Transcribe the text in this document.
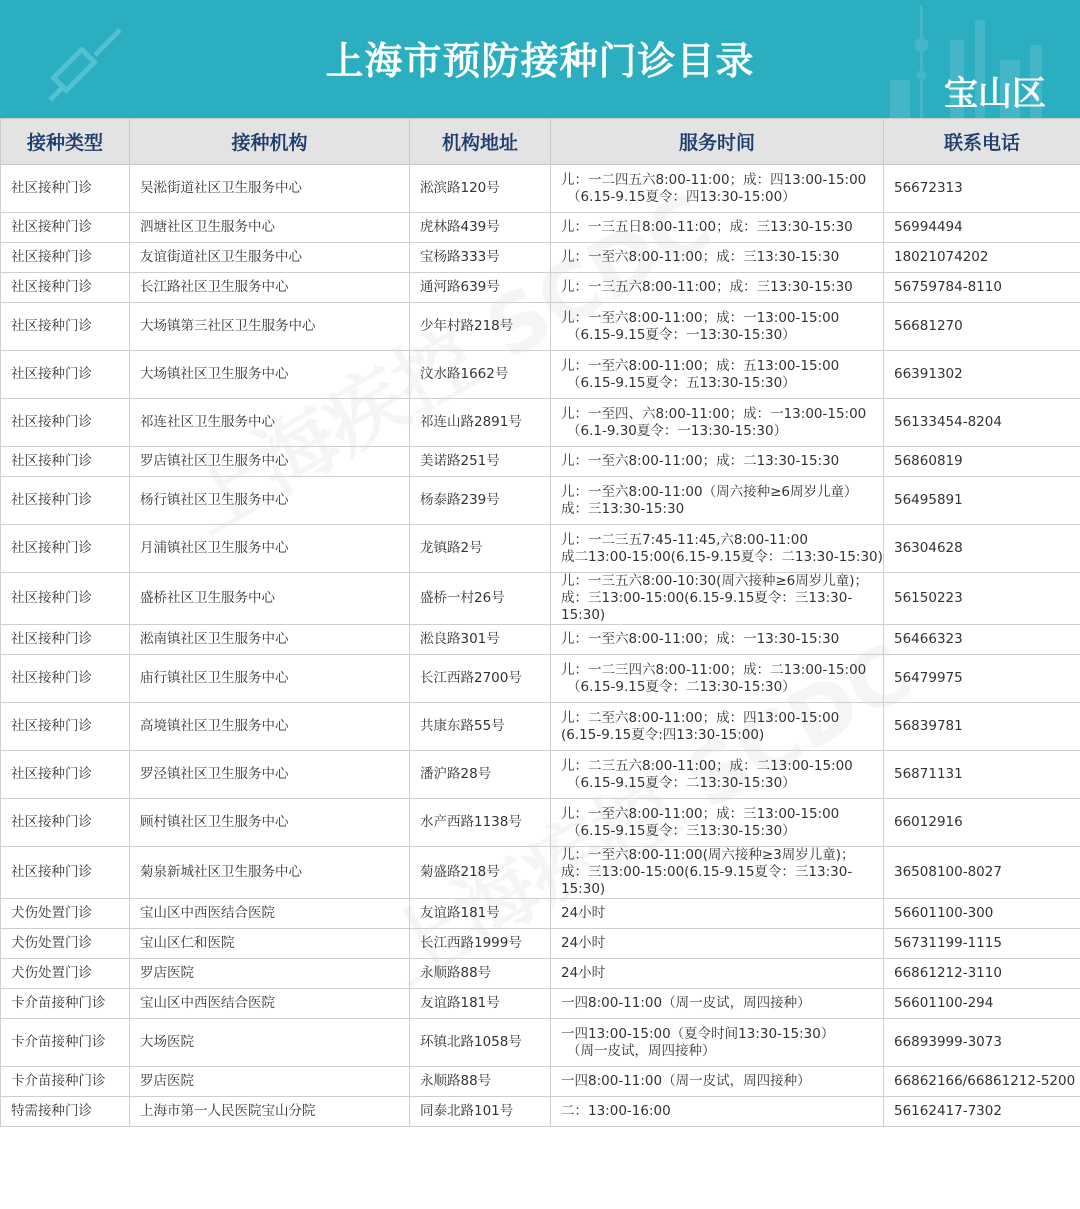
上海市预防接种门诊目录
宝山区
接种类型	接种机构	机构地址	服务时间	联系电话
社区接种门诊	吴淞街道社区卫生服务中心	淞滨路120号	儿：一二四五六8:00-11:00；成：四13:00-15:00
（6.15-9.15夏令：四13:30-15:00）	56672313
社区接种门诊	泗塘社区卫生服务中心	虎林路439号	儿：一三五日8:00-11:00；成：三13:30-15:30	56994494
社区接种门诊	友谊街道社区卫生服务中心	宝杨路333号	儿：一至六8:00-11:00；成：三13:30-15:30	18021074202
社区接种门诊	长江路社区卫生服务中心	通河路639号	儿：一三五六8:00-11:00；成：三13:30-15:30	56759784-8110
社区接种门诊	大场镇第三社区卫生服务中心	少年村路218号	儿：一至六8:00-11:00；成：一13:00-15:00
（6.15-9.15夏令：一13:30-15:30）	56681270
社区接种门诊	大场镇社区卫生服务中心	汶水路1662号	儿：一至六8:00-11:00；成：五13:00-15:00
（6.15-9.15夏令：五13:30-15:30）	66391302
社区接种门诊	祁连社区卫生服务中心	祁连山路2891号	儿：一至四、六8:00-11:00；成：一13:00-15:00
（6.1-9.30夏令：一13:30-15:30）	56133454-8204
社区接种门诊	罗店镇社区卫生服务中心	美诺路251号	儿：一至六8:00-11:00；成：二13:30-15:30	56860819
社区接种门诊	杨行镇社区卫生服务中心	杨泰路239号	儿：一至六8:00-11:00（周六接种≥6周岁儿童）
成：三13:30-15:30	56495891
社区接种门诊	月浦镇社区卫生服务中心	龙镇路2号	儿：一二三五7:45-11:45,六8:00-11:00
成二13:00-15:00(6.15-9.15夏令：二13:30-15:30)	36304628
社区接种门诊	盛桥社区卫生服务中心	盛桥一村26号	儿：一三五六8:00-10:30(周六接种≥6周岁儿童)；
成：三13:00-15:00(6.15-9.15夏令：三13:30-15:30)	56150223
社区接种门诊	淞南镇社区卫生服务中心	淞良路301号	儿：一至六8:00-11:00；成：一13:30-15:30	56466323
社区接种门诊	庙行镇社区卫生服务中心	长江西路2700号	儿：一二三四六8:00-11:00；成：二13:00-15:00
（6.15-9.15夏令：二13:30-15:30）	56479975
社区接种门诊	高境镇社区卫生服务中心	共康东路55号	儿：二至六8:00-11:00；成：四13:00-15:00
(6.15-9.15夏令:四13:30-15:00)	56839781
社区接种门诊	罗泾镇社区卫生服务中心	潘沪路28号	儿：二三五六8:00-11:00；成：二13:00-15:00
（6.15-9.15夏令：二13:30-15:30）	56871131
社区接种门诊	顾村镇社区卫生服务中心	水产西路1138号	儿：一至六8:00-11:00；成：三13:00-15:00
（6.15-9.15夏令：三13:30-15:30）	66012916
社区接种门诊	菊泉新城社区卫生服务中心	菊盛路218号	儿：一至六8:00-11:00(周六接种≥3周岁儿童)；
成：三13:00-15:00(6.15-9.15夏令：三13:30-15:30)	36508100-8027
犬伤处置门诊	宝山区中西医结合医院	友谊路181号	24小时	56601100-300
犬伤处置门诊	宝山区仁和医院	长江西路1999号	24小时	56731199-1115
犬伤处置门诊	罗店医院	永顺路88号	24小时	66861212-3110
卡介苗接种门诊	宝山区中西医结合医院	友谊路181号	一四8:00-11:00（周一皮试，周四接种）	56601100-294
卡介苗接种门诊	大场医院	环镇北路1058号	一四13:00-15:00（夏令时间13:30-15:30）
（周一皮试，周四接种）	66893999-3073
卡介苗接种门诊	罗店医院	永顺路88号	一四8:00-11:00（周一皮试，周四接种）	66862166/66861212-5200
特需接种门诊	上海市第一人民医院宝山分院	同泰北路101号	二：13:00-16:00	56162417-7302
